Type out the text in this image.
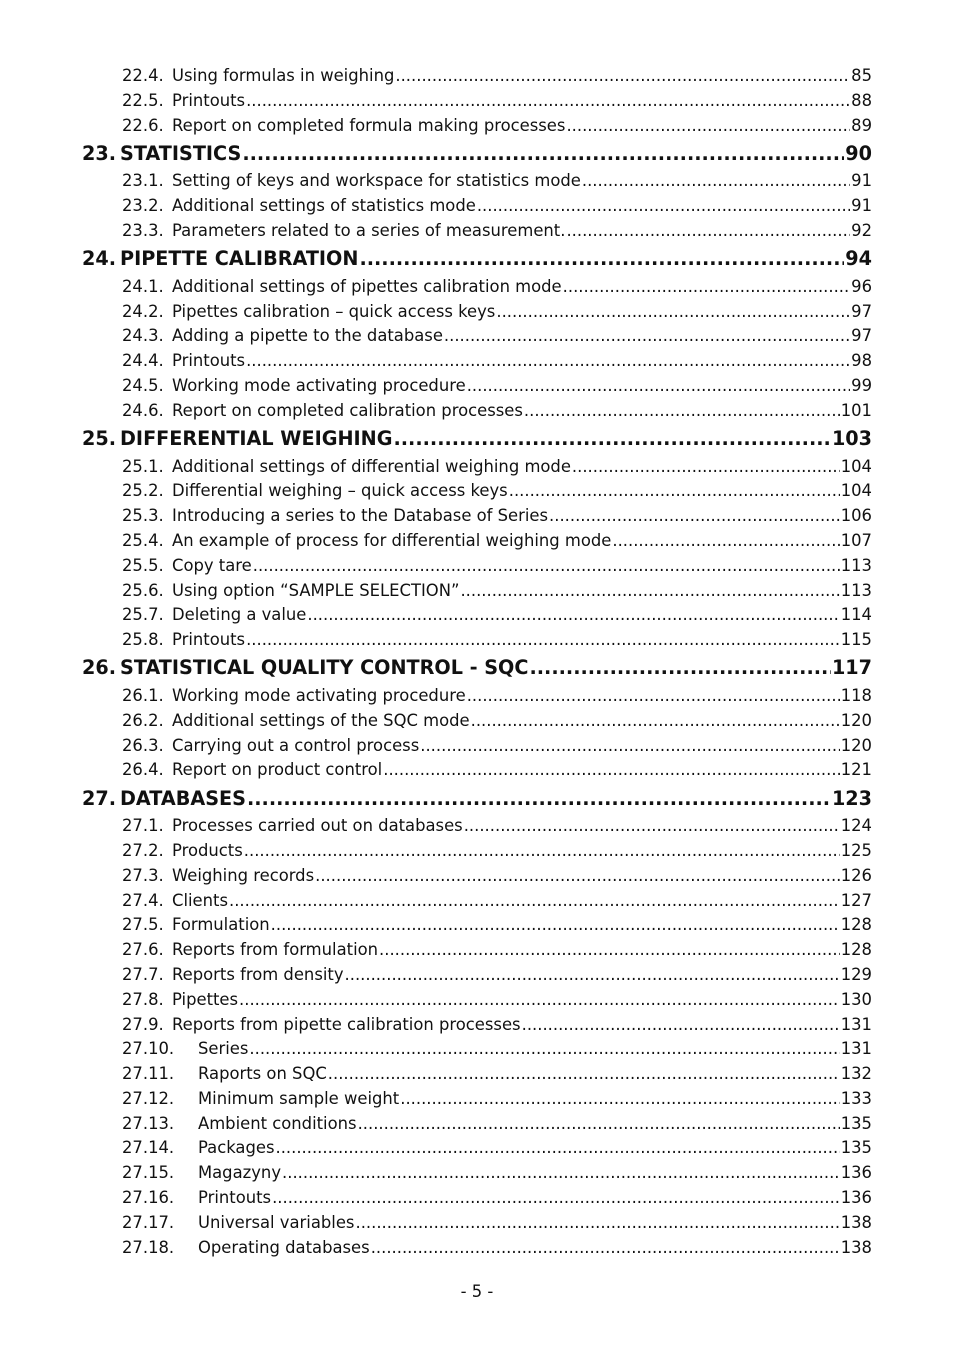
22.4. Using formulas in weighing .....	85
22.5. Printouts .....	88
22.6. Report on completed formula making processes .....	89
23. STATISTICS .....	90
23.1. Setting of keys and workspace for statistics mode .....	91
23.2. Additional settings of statistics mode .....	91
23.3. Parameters related to a series of measurement. .....	92
24. PIPETTE CALIBRATION .....	94
24.1. Additional settings of pipettes calibration mode .....	96
24.2. Pipettes calibration – quick access keys .....	97
24.3. Adding a pipette to the database .....	97
24.4. Printouts .....	98
24.5. Working mode activating procedure .....	99
24.6. Report on completed calibration processes .....	101
25. DIFFERENTIAL WEIGHING .....	103
25.1. Additional settings of differential weighing mode .....	104
25.2. Differential weighing – quick access keys .....	104
25.3. Introducing a series to the Database of Series .....	106
25.4. An example of process for differential weighing mode .....	107
25.5. Copy tare .....	113
25.6. Using option “SAMPLE SELECTION” .....	113
25.7. Deleting a value .....	114
25.8. Printouts .....	115
26. STATISTICAL QUALITY CONTROL - SQC .....	117
26.1. Working mode activating procedure .....	118
26.2. Additional settings of the SQC mode .....	120
26.3. Carrying out a control process .....	120
26.4. Report on product control .....	121
27. DATABASES .....	123
27.1. Processes carried out on databases .....	124
27.2. Products .....	125
27.3. Weighing records .....	126
27.4. Clients .....	127
27.5. Formulation .....	128
27.6. Reports from formulation .....	128
27.7. Reports from density .....	129
27.8. Pipettes .....	130
27.9. Reports from pipette calibration processes .....	131
27.10.	Series .....	131
27.11.	Raports on SQC .....	132
27.12.	Minimum sample weight .....	133
27.13.	Ambient conditions .....	135
27.14.	Packages .....	135
27.15.	Magazyny .....	136
27.16.	Printouts .....	136
27.17.	Universal variables .....	138
27.18.	Operating databases .....	138
- 5 -
